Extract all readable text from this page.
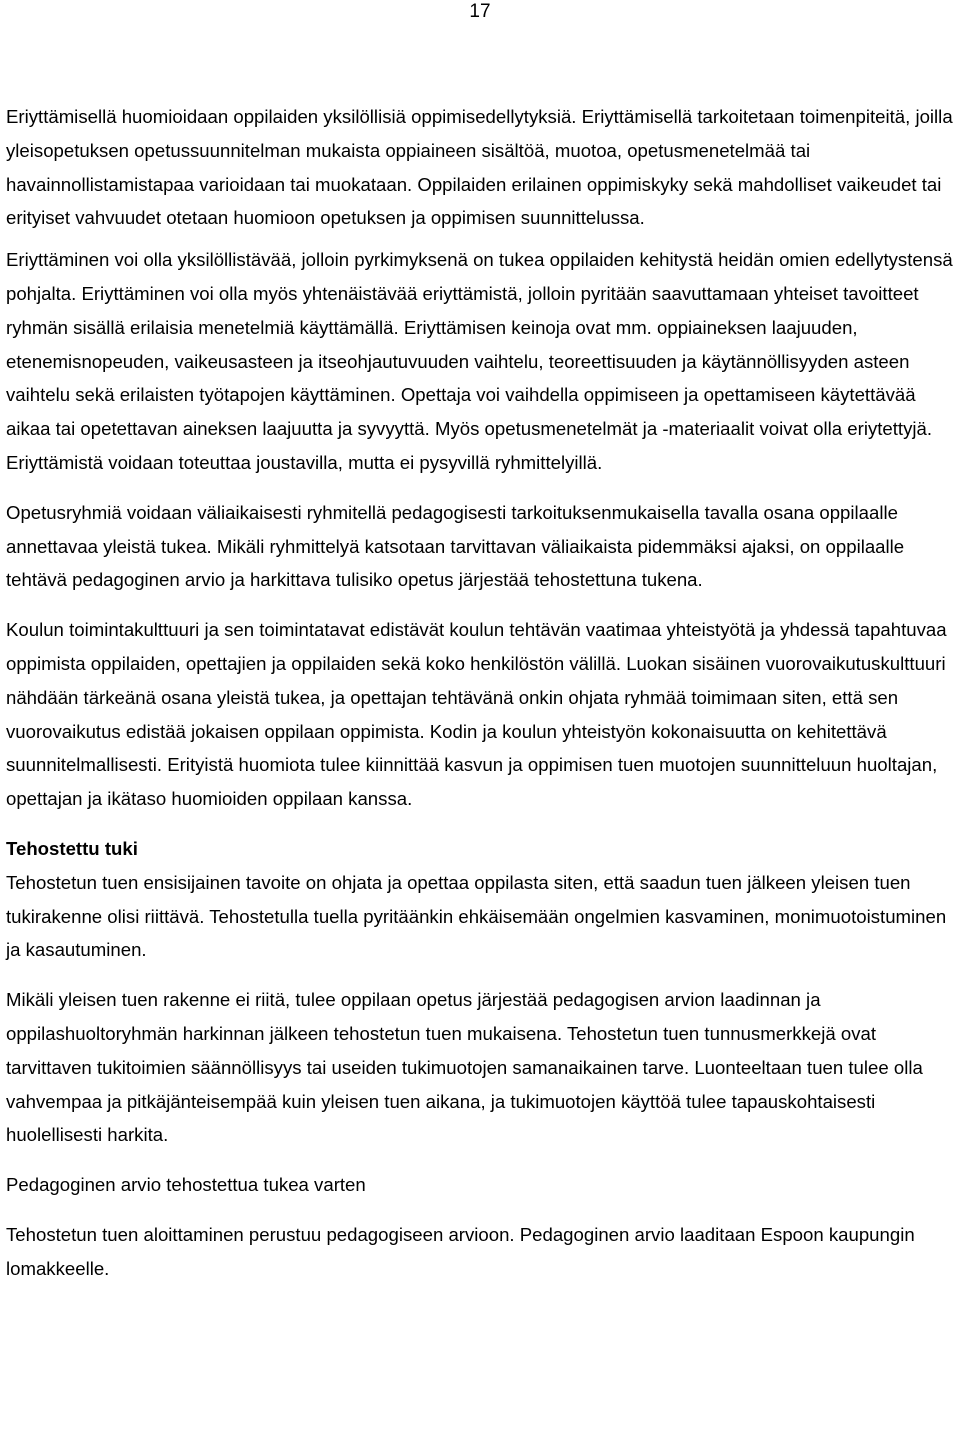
17

Eriyttämisellä huomioidaan oppilaiden yksilöllisiä oppimisedellytyksiä. Eriyttämisellä tarkoitetaan toimenpiteitä, joilla yleisopetuksen opetussuunnitelman mukaista oppiaineen sisältöä, muotoa, opetusmenetelmää tai havainnollistamistapaa varioidaan tai muokataan. Oppilaiden erilainen oppimiskyky sekä mahdolliset vaikeudet tai erityiset vahvuudet otetaan huomioon opetuksen ja oppimisen suunnittelussa.

Eriyttäminen voi olla yksilöllistävää, jolloin pyrkimyksenä on tukea oppilaiden kehitystä heidän omien edellytystensä pohjalta. Eriyttäminen voi olla myös yhtenäistävää eriyttämistä, jolloin pyritään saavuttamaan yhteiset tavoitteet ryhmän sisällä erilaisia menetelmiä käyttämällä. Eriyttämisen keinoja ovat mm. oppiaineksen laajuuden, etenemisnopeuden, vaikeusasteen ja itseohjautuvuuden vaihtelu, teoreettisuuden ja käytännöllisyyden asteen vaihtelu sekä erilaisten työtapojen käyttäminen. Opettaja voi vaihdella oppimiseen ja opettamiseen käytettävää aikaa tai opetettavan aineksen laajuutta ja syvyyttä. Myös opetusmenetelmät ja -materiaalit voivat olla eriytettyjä. Eriyttämistä voidaan toteuttaa joustavilla, mutta ei pysyvillä ryhmittelyillä.

Opetusryhmiä voidaan väliaikaisesti ryhmitellä pedagogisesti tarkoituksenmukaisella tavalla osana oppilaalle annettavaa yleistä tukea. Mikäli ryhmittelyä katsotaan tarvittavan väliaikaista pidemmäksi ajaksi, on oppilaalle tehtävä pedagoginen arvio ja harkittava tulisiko opetus järjestää tehostettuna tukena.

Koulun toimintakulttuuri ja sen toimintatavat edistävät koulun tehtävän vaatimaa yhteistyötä ja yhdessä tapahtuvaa oppimista oppilaiden, opettajien ja oppilaiden sekä koko henkilöstön välillä. Luokan sisäinen vuorovaikutuskulttuuri nähdään tärkeänä osana yleistä tukea, ja opettajan tehtävänä onkin ohjata ryhmää toimimaan siten, että sen vuorovaikutus edistää jokaisen oppilaan oppimista. Kodin ja koulun yhteistyön kokonaisuutta on kehitettävä suunnitelmallisesti. Erityistä huomiota tulee kiinnittää kasvun ja oppimisen tuen muotojen suunnitteluun huoltajan, opettajan ja ikätaso huomioiden oppilaan kanssa.

Tehostettu tuki

Tehostetun tuen ensisijainen tavoite on ohjata ja opettaa oppilasta siten, että saadun tuen jälkeen yleisen tuen tukirakenne olisi riittävä. Tehostetulla tuella pyritäänkin ehkäisemään ongelmien kasvaminen, monimuotoistuminen ja kasautuminen.

Mikäli yleisen tuen rakenne ei riitä, tulee oppilaan opetus järjestää pedagogisen arvion laadinnan ja oppilashuoltoryhmän harkinnan jälkeen tehostetun tuen mukaisena. Tehostetun tuen tunnusmerkkejä ovat tarvittaven tukitoimien säännöllisyys tai useiden tukimuotojen samanaikainen tarve. Luonteeltaan tuen tulee olla vahvempaa ja pitkäjänteisempää kuin yleisen tuen aikana, ja tukimuotojen käyttöä tulee tapauskohtaisesti huolellisesti harkita.

Pedagoginen arvio tehostettua tukea varten

Tehostetun tuen aloittaminen perustuu pedagogiseen arvioon. Pedagoginen arvio laaditaan Espoon kaupungin lomakkeelle.
